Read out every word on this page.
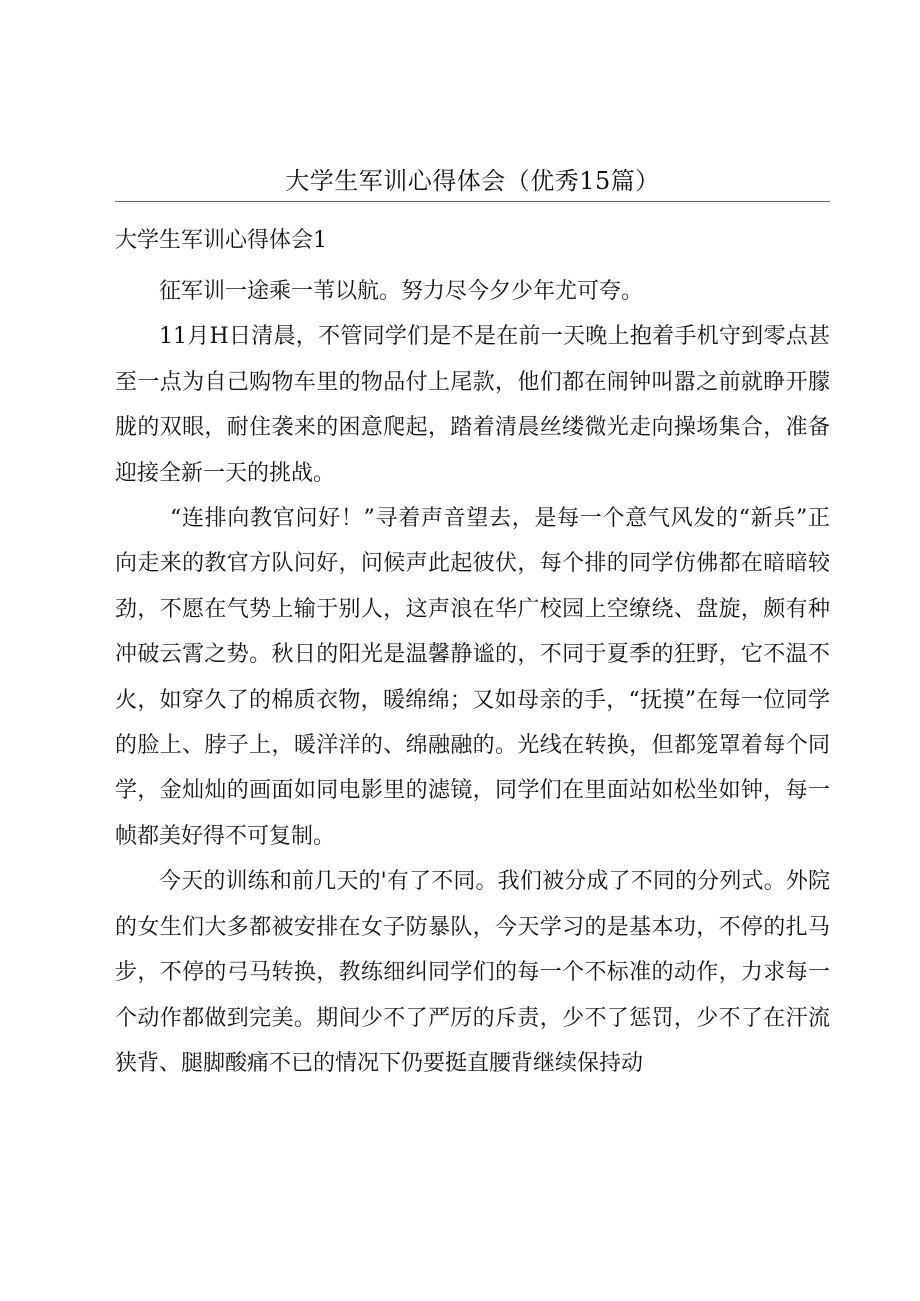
大学生军训心得体会（优秀15篇）
大学生军训心得体会1

征军训一途乘一苇以航。努力尽今夕少年尤可夸。

11月H日清晨，不管同学们是不是在前一天晚上抱着手机守到零点甚至一点为自己购物车里的物品付上尾款，他们都在闹钟叫嚣之前就睁开朦胧的双眼，耐住袭来的困意爬起，踏着清晨丝缕微光走向操场集合，准备迎接全新一天的挑战。

“连排向教官问好！”寻着声音望去，是每一个意气风发的“新兵”正向走来的教官方队问好，问候声此起彼伏，每个排的同学仿佛都在暗暗较劲，不愿在气势上输于别人，这声浪在华广校园上空缭绕、盘旋，颇有种冲破云霄之势。秋日的阳光是温馨静谧的，不同于夏季的狂野，它不温不火，如穿久了的棉质衣物，暖绵绵；又如母亲的手，“抚摸”在每一位同学的脸上、脖子上，暖洋洋的、绵融融的。光线在转换，但都笼罩着每个同学，金灿灿的画面如同电影里的滤镜，同学们在里面站如松坐如钟，每一帧都美好得不可复制。

今天的训练和前几天的'有了不同。我们被分成了不同的分列式。外院的女生们大多都被安排在女子防暴队，今天学习的是基本功，不停的扎马步，不停的弓马转换，教练细纠同学们的每一个不标准的动作，力求每一个动作都做到完美。期间少不了严厉的斥责，少不了惩罚，少不了在汗流狭背、腿脚酸痛不已的情况下仍要挺直腰背继续保持动
